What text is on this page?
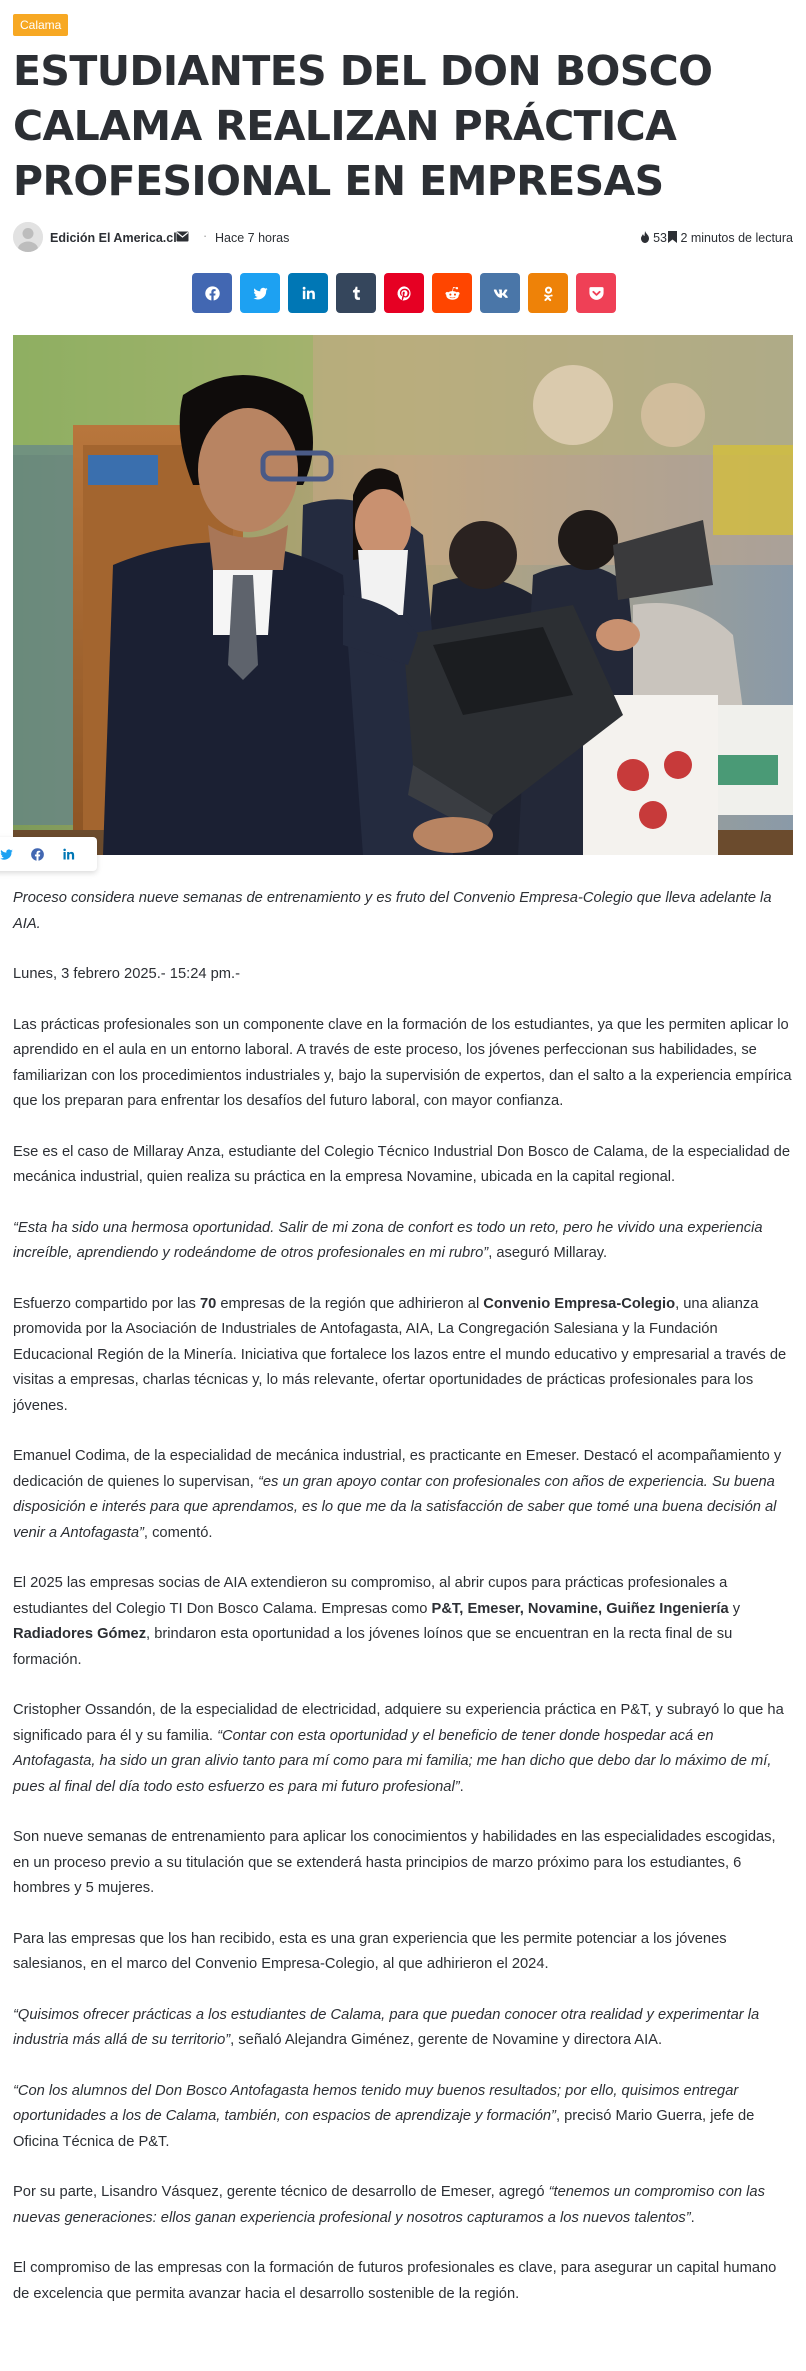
Calama
ESTUDIANTES DEL DON BOSCO CALAMA REALIZAN PRÁCTICA PROFESIONAL EN EMPRESAS
Edición El America.cl · Hace 7 horas	53	2 minutos de lectura

Proceso considera nueve semanas de entrenamiento y es fruto del Convenio Empresa-Colegio que lleva adelante la AIA.

Lunes, 3 febrero 2025.- 15:24 pm.-

Las prácticas profesionales son un componente clave en la formación de los estudiantes, ya que les permiten aplicar lo aprendido en el aula en un entorno laboral. A través de este proceso, los jóvenes perfeccionan sus habilidades, se familiarizan con los procedimientos industriales y, bajo la supervisión de expertos, dan el salto a la experiencia empírica que los preparan para enfrentar los desafíos del futuro laboral, con mayor confianza.

Ese es el caso de Millaray Anza, estudiante del Colegio Técnico Industrial Don Bosco de Calama, de la especialidad de mecánica industrial, quien realiza su práctica en la empresa Novamine, ubicada en la capital regional.

“Esta ha sido una hermosa oportunidad. Salir de mi zona de confort es todo un reto, pero he vivido una experiencia increíble, aprendiendo y rodeándome de otros profesionales en mi rubro”, aseguró Millaray.

Esfuerzo compartido por las 70 empresas de la región que adhirieron al Convenio Empresa-Colegio, una alianza promovida por la Asociación de Industriales de Antofagasta, AIA, La Congregación Salesiana y la Fundación Educacional Región de la Minería. Iniciativa que fortalece los lazos entre el mundo educativo y empresarial a través de visitas a empresas, charlas técnicas y, lo más relevante, ofertar oportunidades de prácticas profesionales para los jóvenes.

Emanuel Codima, de la especialidad de mecánica industrial, es practicante en Emeser. Destacó el acompañamiento y dedicación de quienes lo supervisan, “es un gran apoyo contar con profesionales con años de experiencia. Su buena disposición e interés para que aprendamos, es lo que me da la satisfacción de saber que tomé una buena decisión al venir a Antofagasta”, comentó.

El 2025 las empresas socias de AIA extendieron su compromiso, al abrir cupos para prácticas profesionales a estudiantes del Colegio TI Don Bosco Calama. Empresas como P&T, Emeser, Novamine, Guiñez Ingeniería y Radiadores Gómez, brindaron esta oportunidad a los jóvenes loínos que se encuentran en la recta final de su formación.

Cristopher Ossandón, de la especialidad de electricidad, adquiere su experiencia práctica en P&T, y subrayó lo que ha significado para él y su familia. “Contar con esta oportunidad y el beneficio de tener donde hospedar acá en Antofagasta, ha sido un gran alivio tanto para mí como para mi familia; me han dicho que debo dar lo máximo de mí, pues al final del día todo esto esfuerzo es para mi futuro profesional”.

Son nueve semanas de entrenamiento para aplicar los conocimientos y habilidades en las especialidades escogidas, en un proceso previo a su titulación que se extenderá hasta principios de marzo próximo para los estudiantes, 6 hombres y 5 mujeres.

Para las empresas que los han recibido, esta es una gran experiencia que les permite potenciar a los jóvenes salesianos, en el marco del Convenio Empresa-Colegio, al que adhirieron el 2024.

“Quisimos ofrecer prácticas a los estudiantes de Calama, para que puedan conocer otra realidad y experimentar la industria más allá de su territorio”, señaló Alejandra Giménez, gerente de Novamine y directora AIA.

“Con los alumnos del Don Bosco Antofagasta hemos tenido muy buenos resultados; por ello, quisimos entregar oportunidades a los de Calama, también, con espacios de aprendizaje y formación”, precisó Mario Guerra, jefe de Oficina Técnica de P&T.

Por su parte, Lisandro Vásquez, gerente técnico de desarrollo de Emeser, agregó “tenemos un compromiso con las nuevas generaciones: ellos ganan experiencia profesional y nosotros capturamos a los nuevos talentos”.

El compromiso de las empresas con la formación de futuros profesionales es clave, para asegurar un capital humano de excelencia que permita avanzar hacia el desarrollo sostenible de la región.
